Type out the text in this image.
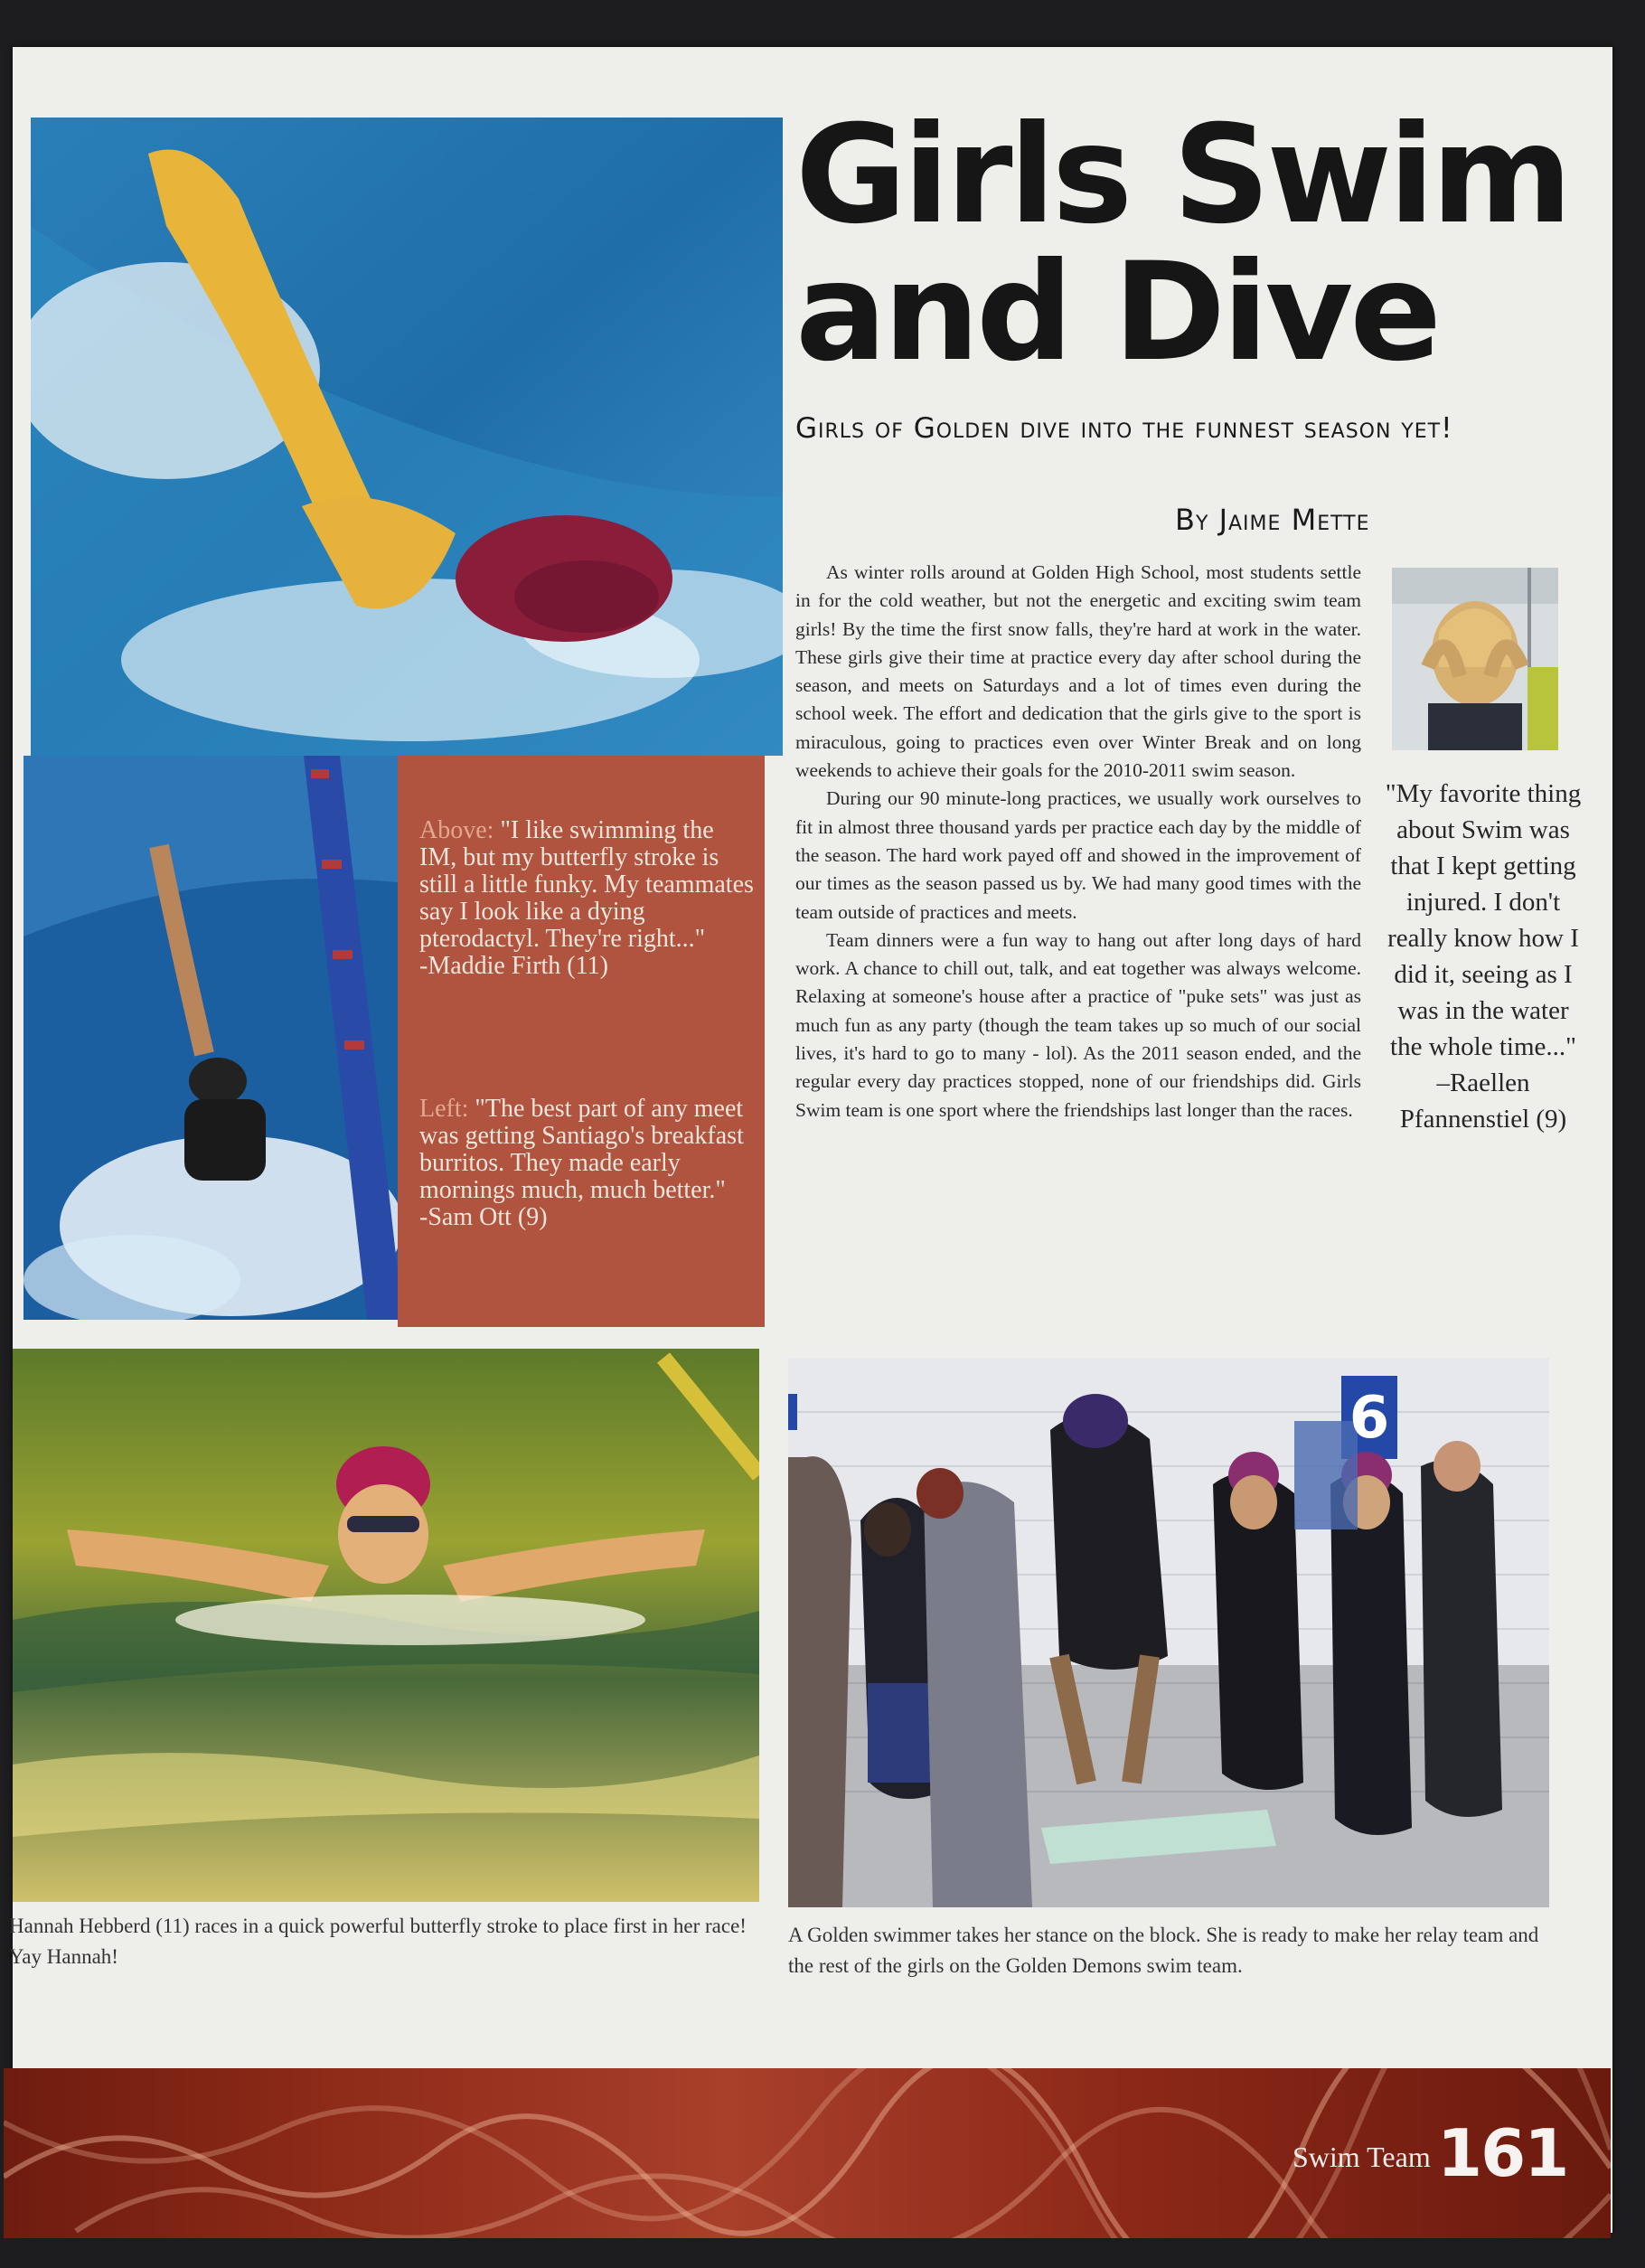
Above: "I like swimming the IM, but my butterfly stroke is still a little funky. My teammates say I look like a dying pterodactyl. They're right..."
-Maddie Firth (11)
Left: "The best part of any meet was getting Santiago's breakfast burritos. They made early mornings much, much better."
-Sam Ott (9)
Girls Swim and Dive
Girls of Golden dive into the funnest season yet!
By Jaime Mette

As winter rolls around at Golden High School, most students settle in for the cold weather, but not the energetic and exciting swim team girls! By the time the first snow falls, they're hard at work in the water. These girls give their time at practice every day after school during the season, and meets on Saturdays and a lot of times even during the school week. The effort and dedication that the girls give to the sport is miraculous, going to practices even over Winter Break and on long weekends to achieve their goals for the 2010-2011 swim season.

During our 90 minute-long practices, we usually work ourselves to fit in almost three thousand yards per practice each day by the middle of the season. The hard work payed off and showed in the improvement of our times as the season passed us by. We had many good times with the team outside of practices and meets.

Team dinners were a fun way to hang out after long days of hard work. A chance to chill out, talk, and eat together was always welcome. Relaxing at someone's house after a practice of "puke sets" was just as much fun as any party (though the team takes up so much of our social lives, it's hard to go to many - lol). As the 2011 season ended, and the regular every day practices stopped, none of our friendships did. Girls Swim team is one sport where the friendships last longer than the races.

"My favorite thing about Swim was that I kept getting injured. I don't really know how I did it, seeing as I was in the water the whole time..."
–Raellen Pfannenstiel (9)
Hannah Hebberd (11) races in a quick powerful butterfly stroke to place first in her race! Yay Hannah!
6
A Golden swimmer takes her stance on the block. She is ready to make her relay team and the rest of the girls on the Golden Demons swim team.
Swim Team 161
